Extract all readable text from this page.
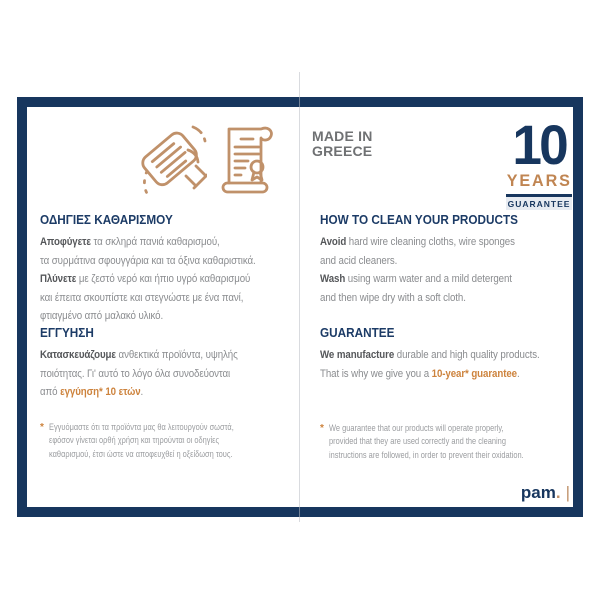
MADE IN
GREECE 10
YEARS
GUARANTEE
ΟΔΗΓΙΕΣ ΚΑΘΑΡΙΣΜΟΥ

Αποφύγετε τα σκληρά πανιά καθαρισμού,
τα συρμάτινα σφουγγάρια και τα όξινα καθαριστικά.

Πλύνετε με ζεστό νερό και ήπιο υγρό καθαρισμού
και έπειτα σκουπίστε και στεγνώστε με ένα πανί,
φτιαγμένο από μαλακό υλικό.

ΕΓΓΥΗΣΗ

Κατασκευάζουμε ανθεκτικά προϊόντα, υψηλής
ποιότητας. Γι' αυτό το λόγο όλα συνοδεύονται
από εγγύηση* 10 ετών.

* Εγγυόμαστε ότι τα προϊόντα μας θα λειτουργούν σωστά,
εφόσον γίνεται ορθή χρήση και τηρούνται οι οδηγίες
καθαρισμού, έτσι ώστε να αποφευχθεί η οξείδωση τους.
HOW TO CLEAN YOUR PRODUCTS

Avoid hard wire cleaning cloths, wire sponges
and acid cleaners.

Wash using warm water and a mild detergent
and then wipe dry with a soft cloth.

GUARANTEE

We manufacture durable and high quality products.
That is why we give you a 10-year* guarantee.

* We guarantee that our products will operate properly,
provided that they are used correctly and the cleaning
instructions are followed, in order to prevent their oxidation.
pam. |
